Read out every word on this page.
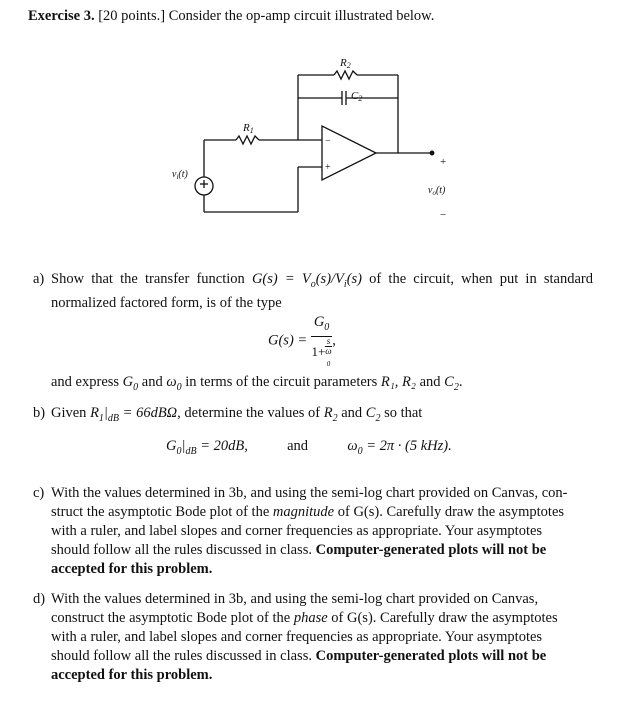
Exercise 3. [20 points.] Consider the op-amp circuit illustrated below.
R2
C2
R1
$v_i(t)$
$v_o(t)$
+
−
−
+
a) Show that the transfer function $G(s) = V_o(s)/V_i(s)$ of the circuit, when put in standard normalized factored form, is of the type
$G(s) = G_0$
1+ s
ω
$_0$ ,
and express $G_0$ and $\omega_0$ in terms of the circuit parameters R₁, R₂ and $C_2$.
b) Given $R_1|_{dB} = 66dB\Omega$, determine the values of $R_2$ and $C_2$ so that
$G_0|_{dB} = 20dB$,	and	$\omega_0 = 2\pi \cdot (5$ kHz).
c) With the values determined in 3b, and using the semi-log chart provided on Canvas, con-
struct the asymptotic Bode plot of the magnitude of G(s). Carefully draw the asymptotes
with a ruler, and label slopes and corner frequencies as appropriate. Your asymptotes
should follow all the rules discussed in class. Computer-generated plots will not be
accepted for this problem.
d) With the values determined in 3b, and using the semi-log chart provided on Canvas,
construct the asymptotic Bode plot of the phase of G(s). Carefully draw the asymptotes
with a ruler, and label slopes and corner frequencies as appropriate. Your asymptotes
should follow all the rules discussed in class. Computer-generated plots will not be
accepted for this problem.
